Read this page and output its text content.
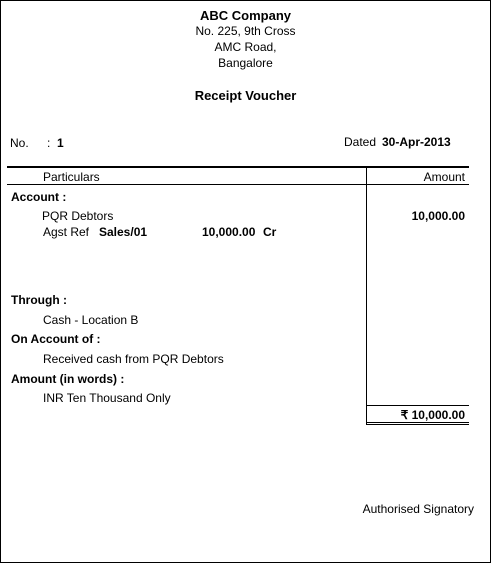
ABC Company
No. 225, 9th Cross
AMC Road,
Bangalore
Receipt Voucher
No. : 1	Dated 30-Apr-2013
Particulars	Amount
Account :
PQR Debtors	10,000.00
Agst Ref Sales/01	10,000.00 Cr
Through :
Cash - Location B
On Account of :
Received cash from PQR Debtors
Amount (in words) :
INR Ten Thousand Only
₹ 10,000.00
Authorised Signatory
